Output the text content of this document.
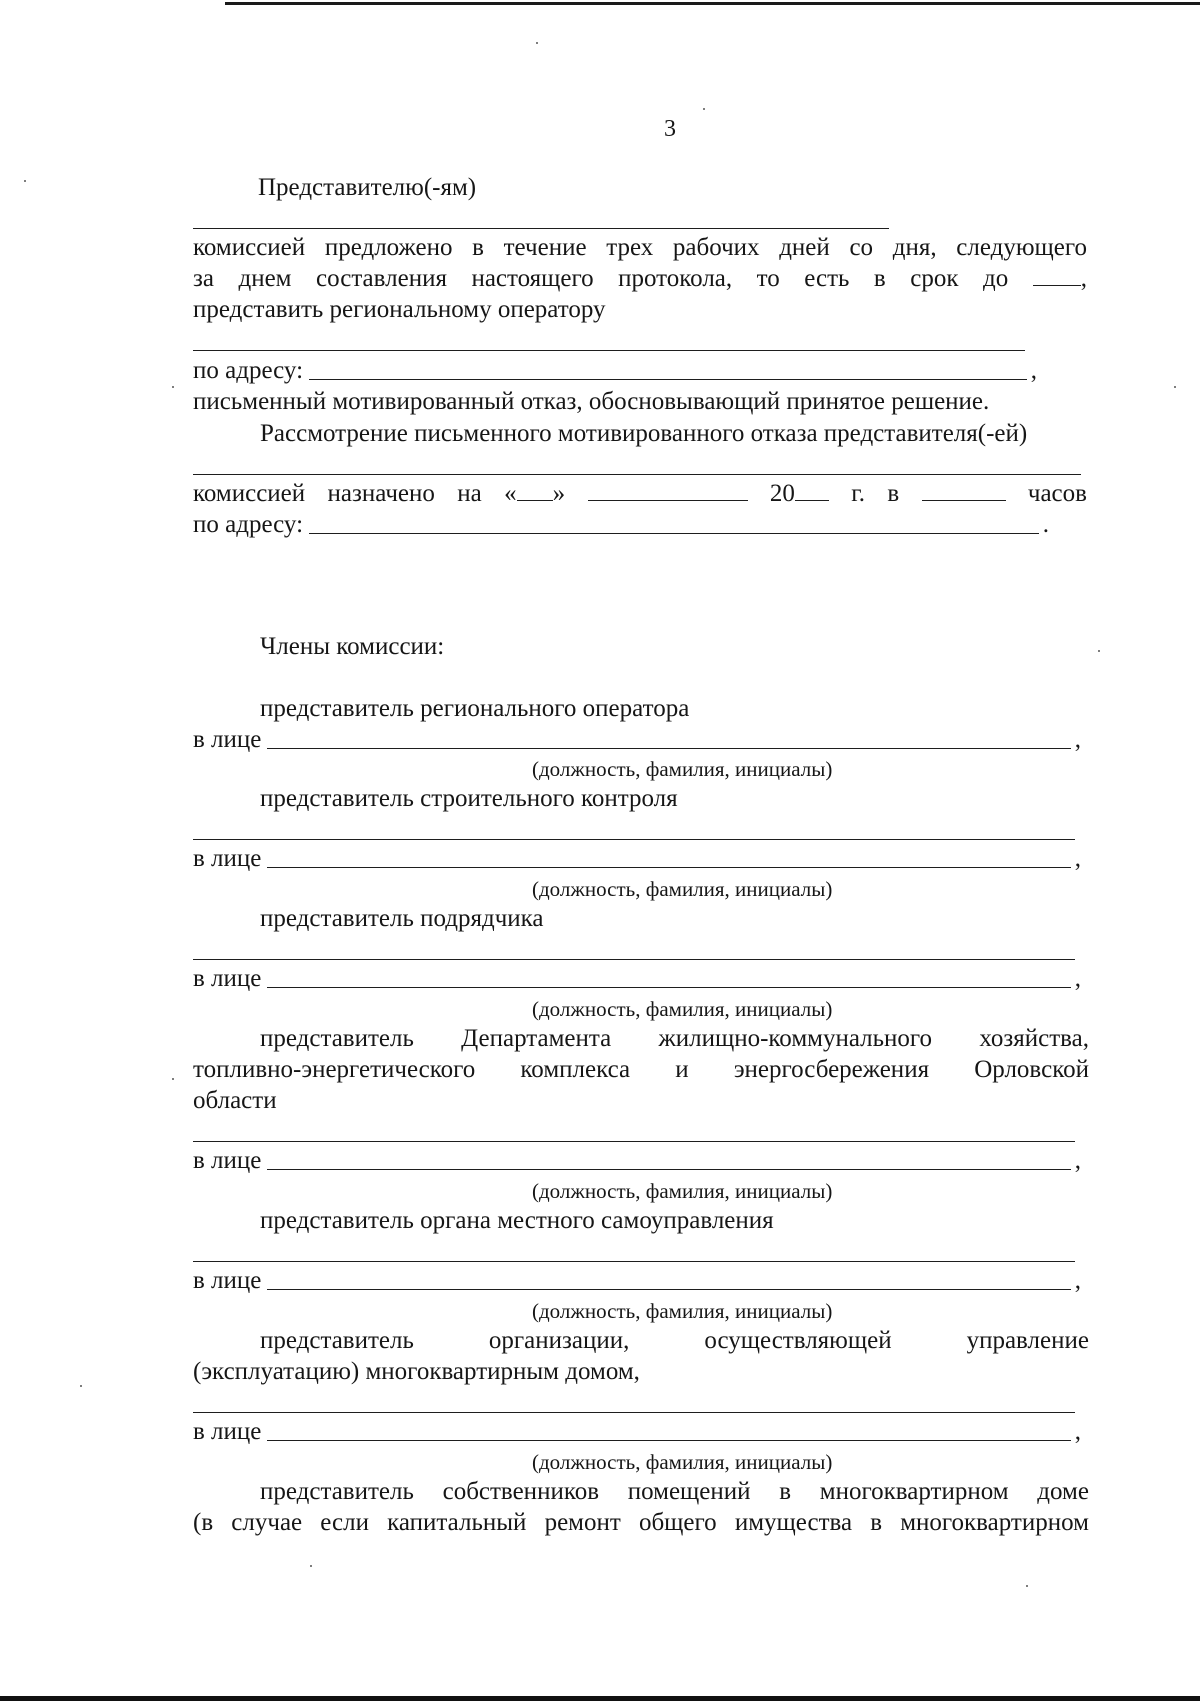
3
Представителю(-ям)
комиссией предложено в течение трех рабочих дней со дня, следующего
за днем составления настоящего протокола, то есть в срок до	,
представить региональному оператору
по адресу:	,
письменный мотивированный отказ, обосновывающий принятое решение.
Рассмотрение письменного мотивированного отказа представителя(-ей)
комиссией назначено на « »	20	г. в	часов
по адресу:	.
Члены комиссии:
представитель регионального оператора
в лице	,
(должность, фамилия, инициалы)
представитель строительного контроля
в лице	,
(должность, фамилия, инициалы)
представитель подрядчика
в лице	,
(должность, фамилия, инициалы)
представитель Департамента жилищно-коммунального хозяйства,
топливно-энергетического комплекса и энергосбережения Орловской
области
в лице	,
(должность, фамилия, инициалы)
представитель органа местного самоуправления
в лице	,
(должность, фамилия, инициалы)
представитель	организации,	осуществляющей	управление
(эксплуатацию) многоквартирным домом,
в лице	,
(должность, фамилия, инициалы)
представитель собственников помещений в многоквартирном доме
(в случае если капитальный ремонт общего имущества в многоквартирном
